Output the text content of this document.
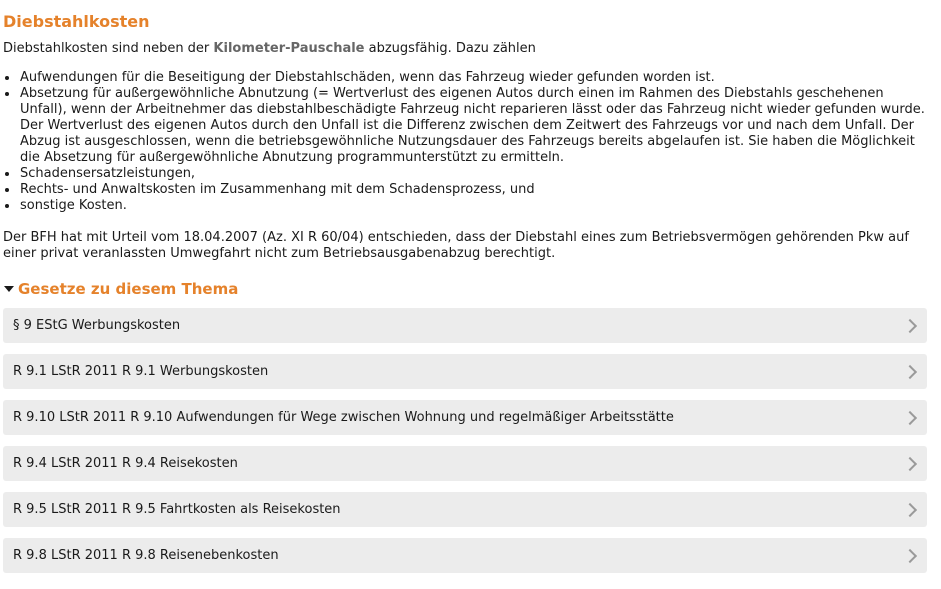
Diebstahlkosten

Diebstahlkosten sind neben der Kilometer-Pauschale abzugsfähig. Dazu zählen

Aufwendungen für die Beseitigung der Diebstahlschäden, wenn das Fahrzeug wieder gefunden worden ist.
Absetzung für außergewöhnliche Abnutzung (= Wertverlust des eigenen Autos durch einen im Rahmen des Diebstahls geschehenen Unfall), wenn der Arbeitnehmer das diebstahlbeschädigte Fahrzeug nicht reparieren lässt oder das Fahrzeug nicht wieder gefunden wurde. Der Wertverlust des eigenen Autos durch den Unfall ist die Differenz zwischen dem Zeitwert des Fahrzeugs vor und nach dem Unfall. Der Abzug ist ausgeschlossen, wenn die betriebsgewöhnliche Nutzungsdauer des Fahrzeugs bereits abgelaufen ist. Sie haben die Möglichkeit die Absetzung für außergewöhnliche Abnutzung programmunterstützt zu ermitteln.
Schadensersatzleistungen,
Rechts- und Anwaltskosten im Zusammenhang mit dem Schadensprozess, und
sonstige Kosten.

Der BFH hat mit Urteil vom 18.04.2007 (Az. XI R 60/04) entschieden, dass der Diebstahl eines zum Betriebsvermögen gehörenden Pkw auf einer privat veranlassten Umwegfahrt nicht zum Betriebsausgabenabzug berechtigt.

Gesetze zu diesem Thema
§ 9 EStG Werbungskosten
R 9.1 LStR 2011 R 9.1 Werbungskosten
R 9.10 LStR 2011 R 9.10 Aufwendungen für Wege zwischen Wohnung und regelmäßiger Arbeitsstätte
R 9.4 LStR 2011 R 9.4 Reisekosten
R 9.5 LStR 2011 R 9.5 Fahrtkosten als Reisekosten
R 9.8 LStR 2011 R 9.8 Reisenebenkosten
